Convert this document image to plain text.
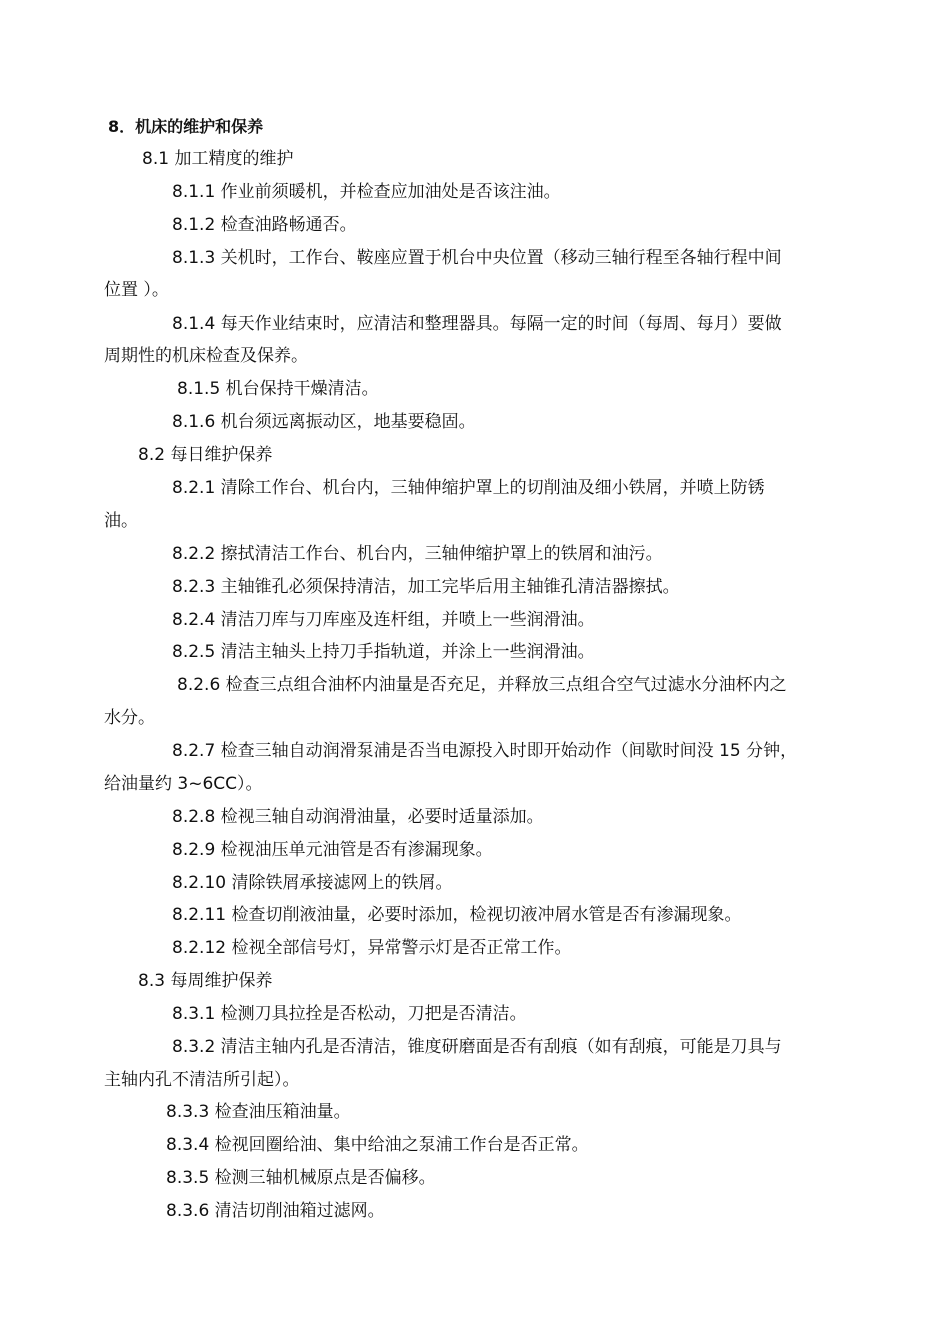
8．机床的维护和保养
8.1 加工精度的维护
8.1.1 作业前须暖机，并检查应加油处是否该注油。
8.1.2 检查油路畅通否。
8.1.3 关机时，工作台、鞍座应置于机台中央位置（移动三轴行程至各轴行程中间
位置 ）。
8.1.4 每天作业结束时，应清洁和整理器具。每隔一定的时间（每周、每月）要做
周期性的机床检查及保养。
8.1.5 机台保持干燥清洁。
8.1.6 机台须远离振动区，地基要稳固。
8.2 每日维护保养
8.2.1 清除工作台、机台内，三轴伸缩护罩上的切削油及细小铁屑，并喷上防锈
油。
8.2.2 擦拭清洁工作台、机台内，三轴伸缩护罩上的铁屑和油污。
8.2.3 主轴锥孔必须保持清洁，加工完毕后用主轴锥孔清洁器擦拭。
8.2.4 清洁刀库与刀库座及连杆组，并喷上一些润滑油。
8.2.5 清洁主轴头上持刀手指轨道，并涂上一些润滑油。
8.2.6 检查三点组合油杯内油量是否充足，并释放三点组合空气过滤水分油杯内之
水分。
8.2.7 检查三轴自动润滑泵浦是否当电源投入时即开始动作（间歇时间没 15 分钟，
给油量约 3~6CC）。
8.2.8 检视三轴自动润滑油量，必要时适量添加。
8.2.9 检视油压单元油管是否有渗漏现象。
8.2.10 清除铁屑承接滤网上的铁屑。
8.2.11 检查切削液油量，必要时添加，检视切液冲屑水管是否有渗漏现象。
8.2.12 检视全部信号灯，异常警示灯是否正常工作。
8.3 每周维护保养
8.3.1 检测刀具拉拴是否松动，刀把是否清洁。
8.3.2 清洁主轴内孔是否清洁，锥度研磨面是否有刮痕（如有刮痕，可能是刀具与
主轴内孔不清洁所引起）。
8.3.3 检查油压箱油量。
8.3.4 检视回圈给油、集中给油之泵浦工作台是否正常。
8.3.5 检测三轴机械原点是否偏移。
8.3.6 清洁切削油箱过滤网。
